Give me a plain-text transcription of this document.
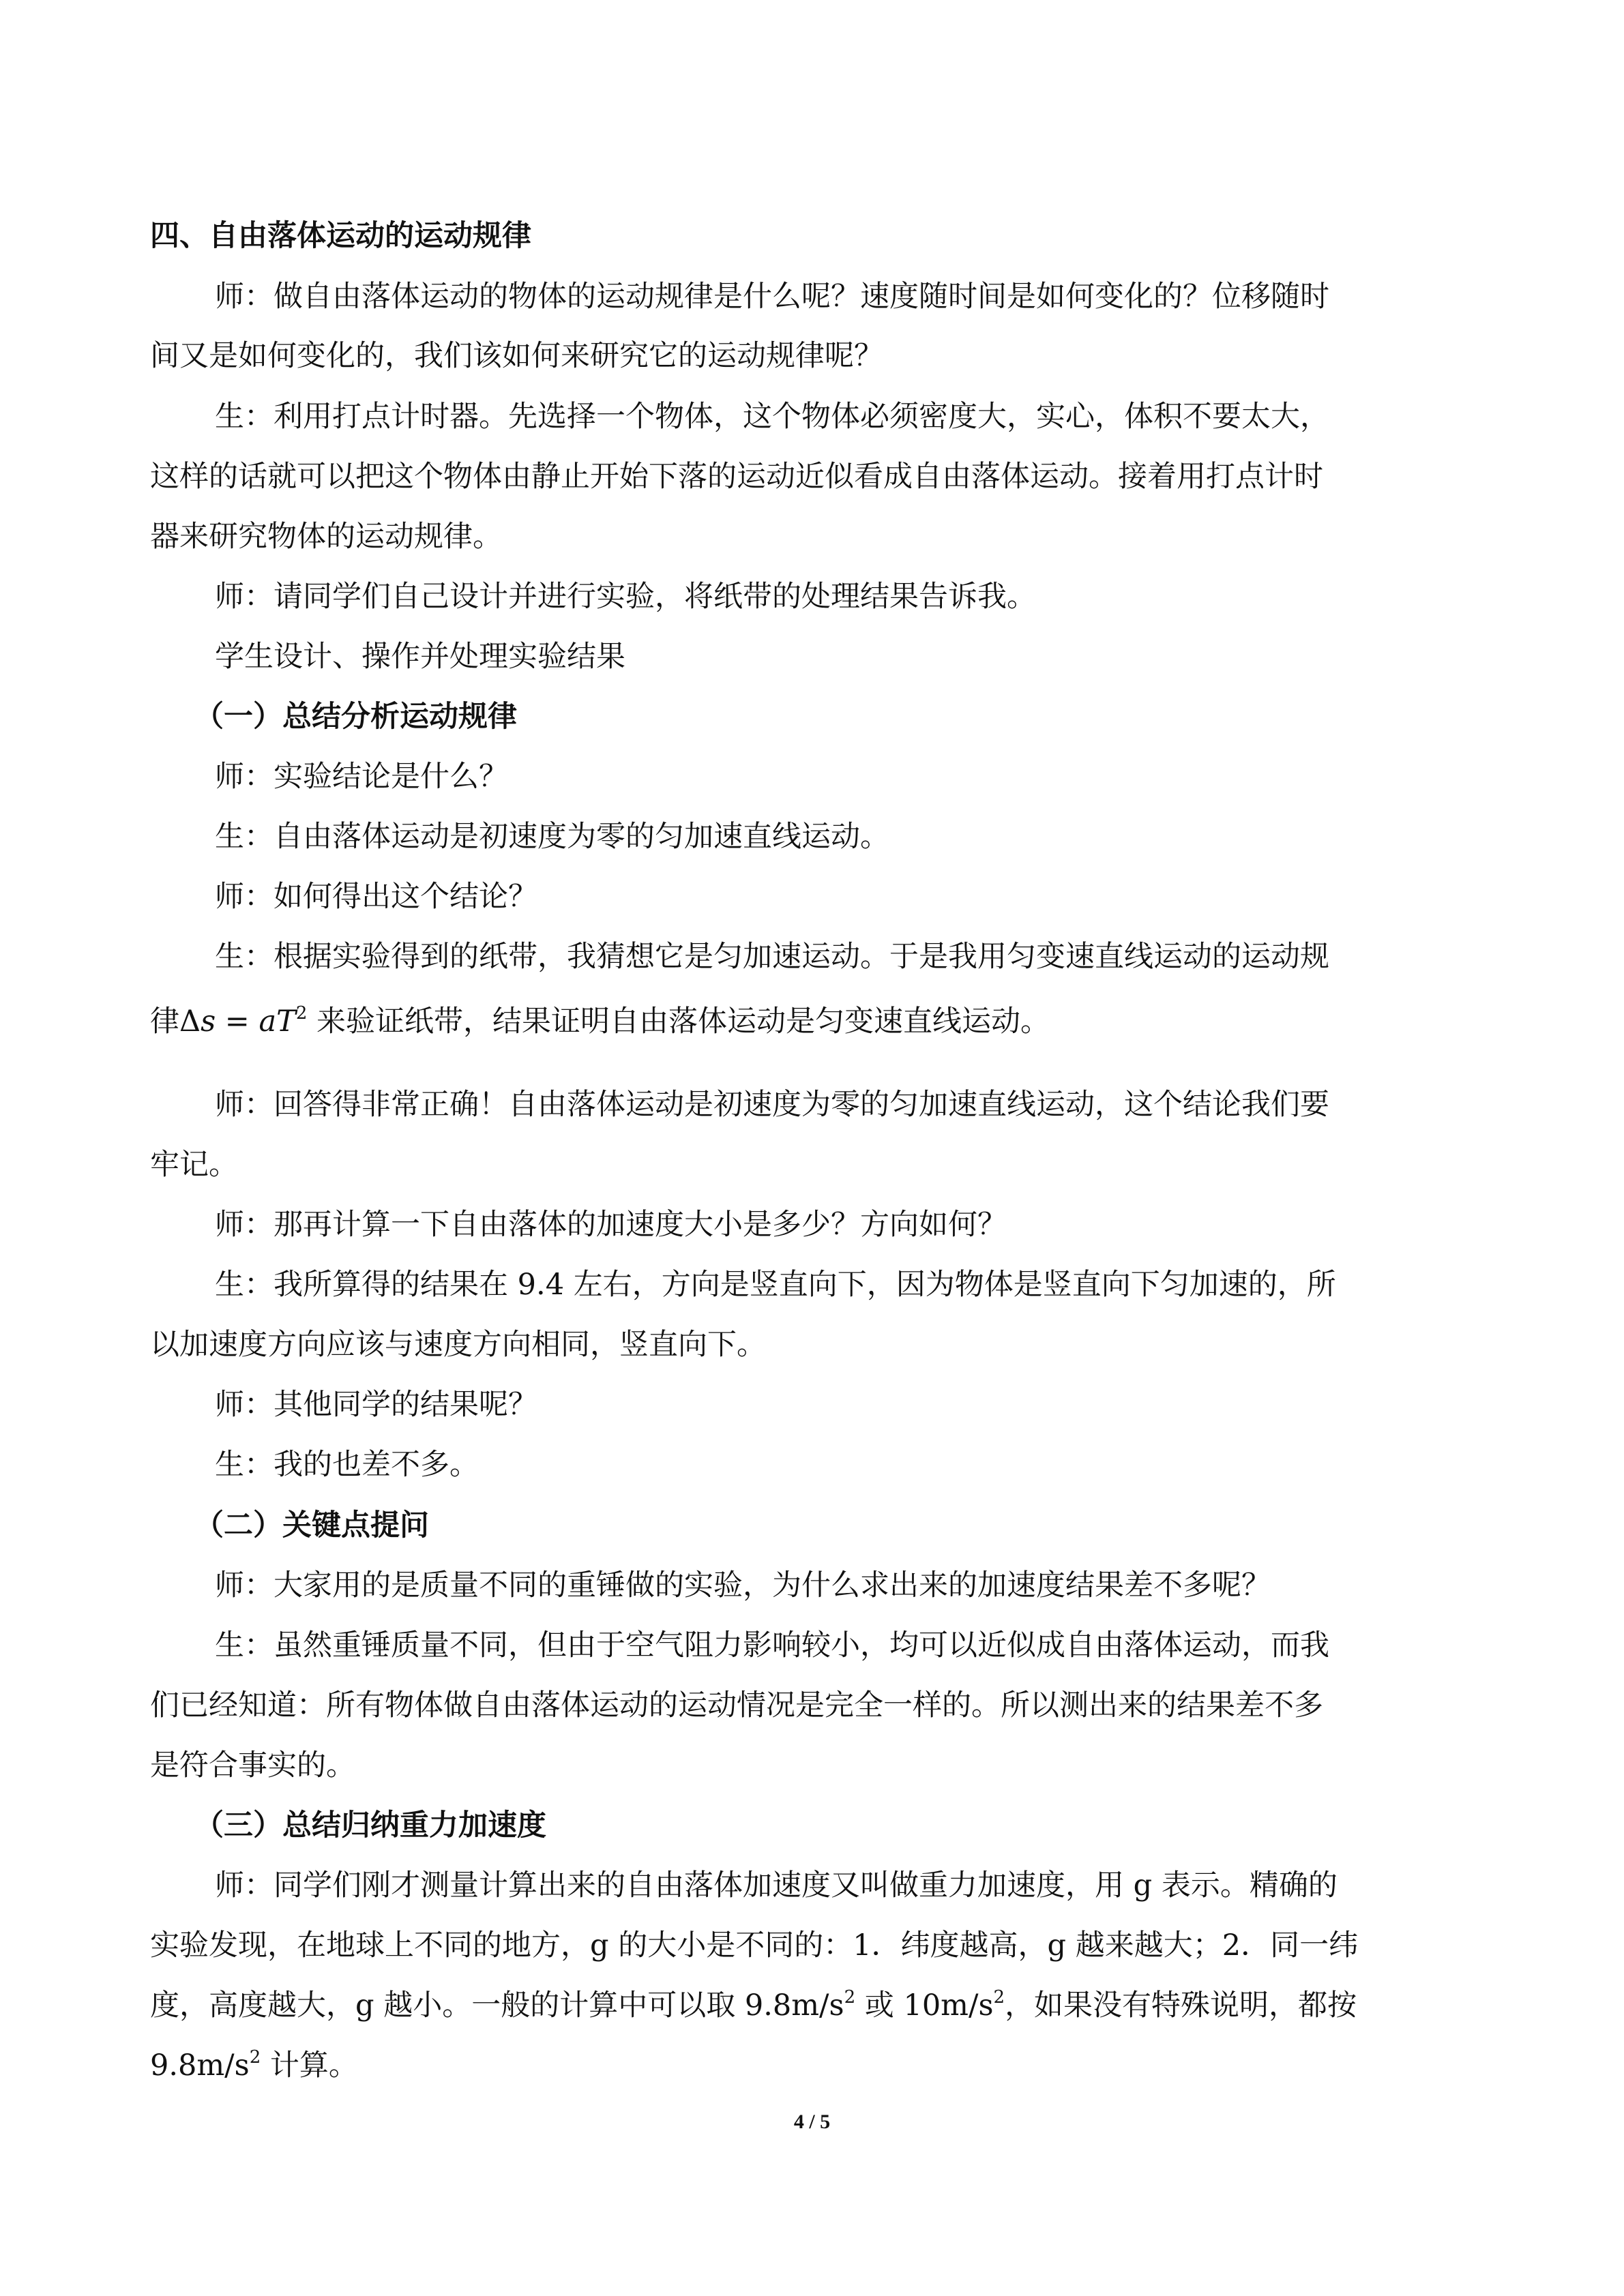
四、自由落体运动的运动规律
师：做自由落体运动的物体的运动规律是什么呢？速度随时间是如何变化的？位移随时
间又是如何变化的，我们该如何来研究它的运动规律呢？
生：利用打点计时器。先选择一个物体，这个物体必须密度大，实心，体积不要太大，
这样的话就可以把这个物体由静止开始下落的运动近似看成自由落体运动。接着用打点计时
器来研究物体的运动规律。
师：请同学们自己设计并进行实验，将纸带的处理结果告诉我。
学生设计、操作并处理实验结果
（一）总结分析运动规律
师：实验结论是什么？
生：自由落体运动是初速度为零的匀加速直线运动。
师：如何得出这个结论？
生：根据实验得到的纸带，我猜想它是匀加速运动。于是我用匀变速直线运动的运动规
律$\Delta s = aT^2$ 来验证纸带，结果证明自由落体运动是匀变速直线运动。
师：回答得非常正确！自由落体运动是初速度为零的匀加速直线运动，这个结论我们要
牢记。
师：那再计算一下自由落体的加速度大小是多少？方向如何？
生：我所算得的结果在 9.4 左右，方向是竖直向下，因为物体是竖直向下匀加速的，所
以加速度方向应该与速度方向相同，竖直向下。
师：其他同学的结果呢？
生：我的也差不多。
（二）关键点提问
师：大家用的是质量不同的重锤做的实验，为什么求出来的加速度结果差不多呢？
生：虽然重锤质量不同，但由于空气阻力影响较小，均可以近似成自由落体运动，而我
们已经知道：所有物体做自由落体运动的运动情况是完全一样的。所以测出来的结果差不多
是符合事实的。
（三）总结归纳重力加速度
师：同学们刚才测量计算出来的自由落体加速度又叫做重力加速度，用 g 表示。精确的
实验发现，在地球上不同的地方，g 的大小是不同的：1．纬度越高，g 越来越大；2．同一纬
度，高度越大，g 越小。一般的计算中可以取 $9.8m/s^2$ 或 $10m/s^2$，如果没有特殊说明，都按
$9.8m/s^2$ 计算。
4 / 5
